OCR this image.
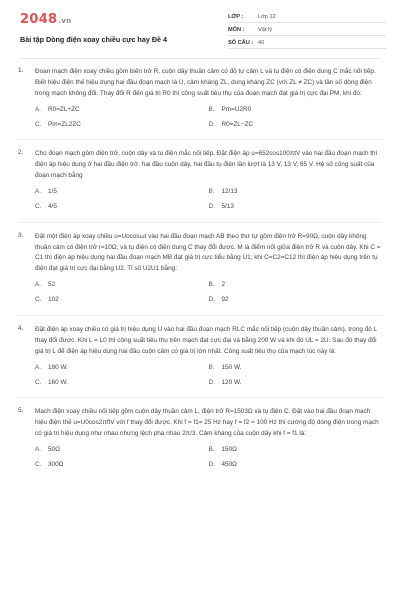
2048.vn
Bài tập Dòng điện xoay chiều cực hay Đề 4
LỚP :	Lớp 12
MÔN :	Vật lý
SỐ CÂU : 40
1. Đoạn mạch điện xoay chiều gồm biến trở R, cuộn dây thuần cảm có độ tự cảm L và tụ điện có điện dung C mắc nối tiếp. Biết hiệu điện thế hiệu dụng hai đầu đoạn mạch là U, cảm kháng ZL, dung kháng ZC (với ZL ≠ ZC) và tần số dòng điện trong mạch không đổi. Thay đổi R đến giá trị R0 thì công suất tiêu thụ của đoạn mạch đạt giá trị cực đại PM, khi đó:
A.	R0=ZL+ZC	B.	Pm=U2R0
C.	Pm=ZL2ZC	D.	R0=ZL−ZC
2. Cho đoạn mạch gồm điện trở, cuộn dây và tụ điện mắc nối tiếp. Đặt điện áp u=652cos100πtV vào hai đầu đoạn mạch thì điện áp hiệu dụng ở hai đầu điện trở, hai đầu cuộn dây, hai đầu tụ điện lần lượt là 13 V, 13 V, 65 V. Hệ số công suất của đoạn mạch bằng
A.	1/5	B.	12/13
C.	4/5	D.	5/13
3. Đặt một điện áp xoay chiều u=Uocosωt vào hai đầu đoạn mạch AB theo thứ tự gồm điện trở R=90Ω, cuộn dây không thuần cảm có điện trở r=10Ω, và tụ điện có điện dung C thay đổi được. M là điểm nối giữa điện trở R và cuộn dây. Khi C = C1 thì điện áp hiệu dụng hai đầu đoạn mạch MB đạt giá trị cực tiểu bằng U1; khi C=C2=C12 thì điện áp hiệu dụng trên tụ điện đạt giá trị cực đại bằng U2. Tỉ số U2U1 bằng:
A.	52	B.	2
C.	102	D.	92
4. Đặt điện áp xoay chiều có giá trị hiệu dụng U vào hai đầu đoạn mạch RLC mắc nối tiếp (cuộn dây thuần cảm), trong đó L thay đổi được. Khi L = L0 thì công suất tiêu thụ trên mạch đạt cực đại và bằng 200 W và khi đó UL = 2U. Sau đó thay đổi giá trị L để điện áp hiệu dụng hai đầu cuộn cảm có giá trị lớn nhất. Công suất tiêu thụ của mạch lúc này là:
A.	180 W.	B.	150 W.
C.	160 W.	D.	120 W.
5. Mạch điện xoay chiều nối tiếp gồm cuộn dây thuần cảm L, điện trở R=1503Ω và tụ điện C. Đặt vào hai đầu đoạn mạch hiệu điện thế u=U0cos2πftV với f thay đổi được. Khi f = f1= 25 Hz hay f = f2 = 100 Hz thì cường độ dòng điện trong mạch có giá trị hiệu dụng như nhau nhưng lệch pha nhau 2π/3. Cảm kháng của cuộn dây khi f = f1 là:
A.	50Ω	B.	150Ω
C.	300Ω	D.	450Ω
